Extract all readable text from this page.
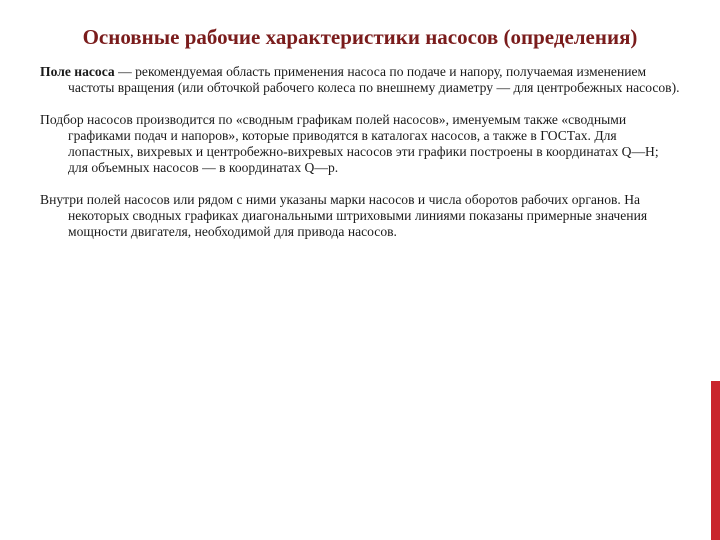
Основные рабочие характеристики насосов (определения)

Поле насоса — рекомендуемая область применения насоса по подаче и напору, получаемая изменением частоты вращения (или обточкой рабочего колеса по внешнему диаметру — для центробежных насосов).

Подбор насосов производится по «сводным графикам полей насосов», именуемым также «сводными графиками подач и напоров», которые приводятся в каталогах насосов, а также в ГОСТах. Для лопастных, вихревых и центробежно-вихревых насосов эти графики построены в координатах Q—H; для объемных насосов — в координатах Q—p.

Внутри полей насосов или рядом с ними указаны марки насосов и числа оборотов рабочих органов. На некоторых сводных графиках диагональными штриховыми линиями показаны примерные значения мощности двигателя, необходимой для привода насосов.
